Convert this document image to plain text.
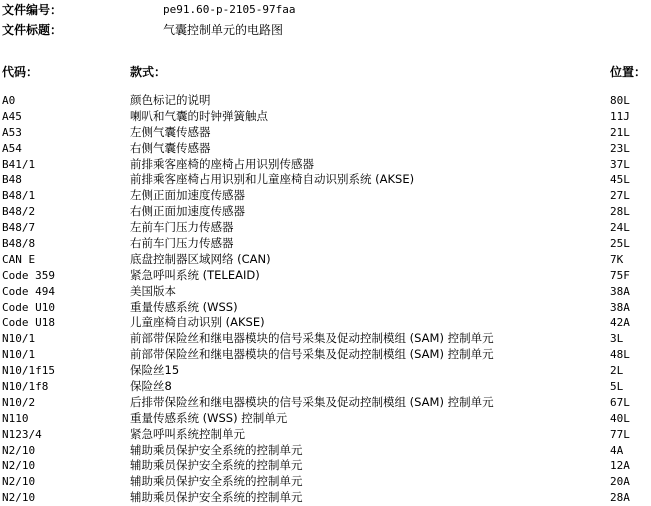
文件编号：	pe91.60-p-2105-97faa
文件标题：	气囊控制单元的电路图
代码：	款式：	位置：
A0	颜色标记的说明	80L
A45	喇叭和气囊的时钟弹簧触点	11J
A53	左侧气囊传感器	21L
A54	右侧气囊传感器	23L
B41/1	前排乘客座椅的座椅占用识别传感器	37L
B48	前排乘客座椅占用识别和儿童座椅自动识别系统 (AKSE)	45L
B48/1	左侧正面加速度传感器	27L
B48/2	右侧正面加速度传感器	28L
B48/7	左前车门压力传感器	24L
B48/8	右前车门压力传感器	25L
CAN E	底盘控制器区域网络 (CAN)	7K
Code 359	紧急呼叫系统 (TELEAID)	75F
Code 494	美国版本	38A
Code U10	重量传感系统 (WSS)	38A
Code U18	儿童座椅自动识别 (AKSE)	42A
N10/1	前部带保险丝和继电器模块的信号采集及促动控制模组 (SAM) 控制单元	3L
N10/1	前部带保险丝和继电器模块的信号采集及促动控制模组 (SAM) 控制单元	48L
N10/1f15	保险丝15	2L
N10/1f8	保险丝8	5L
N10/2	后排带保险丝和继电器模块的信号采集及促动控制模组 (SAM) 控制单元	67L
N110	重量传感系统 (WSS) 控制单元	40L
N123/4	紧急呼叫系统控制单元	77L
N2/10	辅助乘员保护安全系统的控制单元	4A
N2/10	辅助乘员保护安全系统的控制单元	12A
N2/10	辅助乘员保护安全系统的控制单元	20A
N2/10	辅助乘员保护安全系统的控制单元	28A
